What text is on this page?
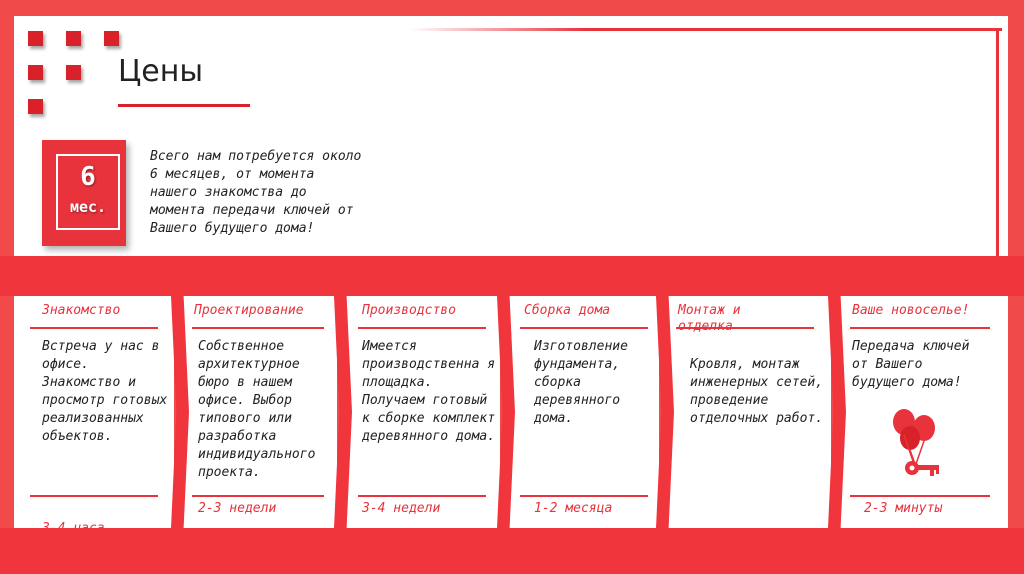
Цены
6
мес.
Всего нам потребуется около 6 месяцев, от момента нашего знакомства до момента передачи ключей от Вашего будущего дома!
Знакомство
Встреча у нас в офисе. Знакомство и просмотр готовых реализованных объектов.
Проектирование
Собственное архитектурное бюро в нашем офисе. Выбор типового или разработка индивидуального проекта.
2-3 недели
Производство
Имеется производственна я площадка. Получаем готовый к сборке комплект деревянного дома.
3-4 недели
Сборка дома
Изготовление фундамента, сборка деревянного дома.
1-2 месяца
Монтаж и
Кровля, монтаж инженерных сетей, проведение отделочных работ.
Ваше новоселье!
Передача ключей от Вашего будущего дома!
2-3 минуты
